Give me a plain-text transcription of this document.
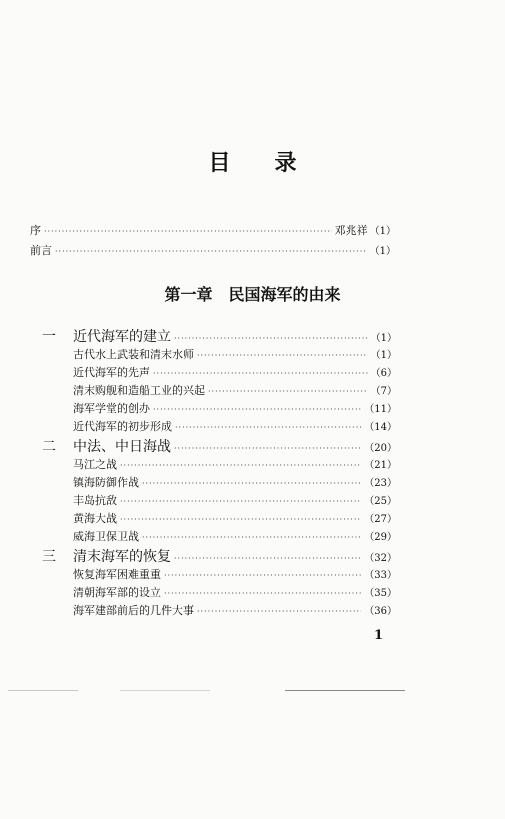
目录
序 ·····	邓兆祥 （1）
前言 ·····	（1）
第一章　民国海军的由来
一 近代海军的建立 ·····	（1）
古代水上武装和清末水师 ·····	（1）
近代海军的先声 ·····	（6）
清末购舰和造船工业的兴起 ·····	（7）
海军学堂的创办 ·····	（11）
近代海军的初步形成 ·····	（14）
二 中法、中日海战 ·····	（20）
马江之战 ·····	（21）
镇海防御作战 ·····	（23）
丰岛抗敌 ·····	（25）
黄海大战 ·····	（27）
威海卫保卫战 ·····	（29）
三 清末海军的恢复 ·····	（32）
恢复海军困难重重 ·····	（33）
清朝海军部的设立 ·····	（35）
海军建部前后的几件大事 ·····	（36）
1
